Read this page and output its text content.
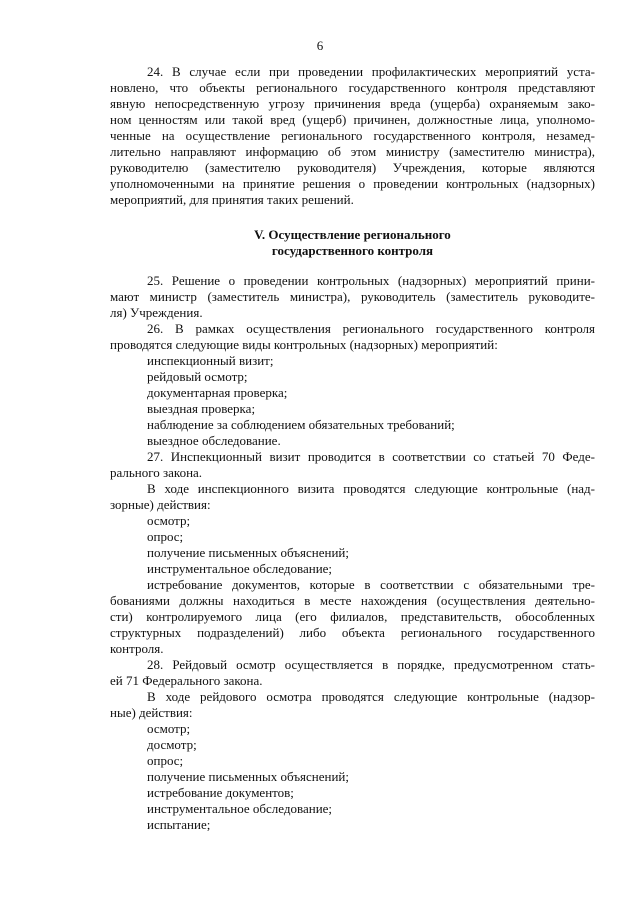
6
24. В случае если при проведении профилактических мероприятий уста-
новлено, что объекты регионального государственного контроля представляют
явную непосредственную угрозу причинения вреда (ущерба) охраняемым зако-
ном ценностям или такой вред (ущерб) причинен, должностные лица, уполномо-
ченные на осуществление регионального государственного контроля, незамед-
лительно направляют информацию об этом министру (заместителю министра),
руководителю (заместителю руководителя) Учреждения, которые являются
уполномоченными на принятие решения о проведении контрольных (надзорных)
мероприятий, для принятия таких решений.
V. Осуществление регионального
государственного контроля
25. Решение о проведении контрольных (надзорных) мероприятий прини-
мают министр (заместитель министра), руководитель (заместитель руководите-
ля) Учреждения.
26. В рамках осуществления регионального государственного контроля
проводятся следующие виды контрольных (надзорных) мероприятий:
инспекционный визит;
рейдовый осмотр;
документарная проверка;
выездная проверка;
наблюдение за соблюдением обязательных требований;
выездное обследование.
27. Инспекционный визит проводится в соответствии со статьей 70 Феде-
рального закона.
В ходе инспекционного визита проводятся следующие контрольные (над-
зорные) действия:
осмотр;
опрос;
получение письменных объяснений;
инструментальное обследование;
истребование документов, которые в соответствии с обязательными тре-
бованиями должны находиться в месте нахождения (осуществления деятельно-
сти) контролируемого лица (его филиалов, представительств, обособленных
структурных подразделений) либо объекта регионального государственного
контроля.
28. Рейдовый осмотр осуществляется в порядке, предусмотренном стать-
ей 71 Федерального закона.
В ходе рейдового осмотра проводятся следующие контрольные (надзор-
ные) действия:
осмотр;
досмотр;
опрос;
получение письменных объяснений;
истребование документов;
инструментальное обследование;
испытание;
